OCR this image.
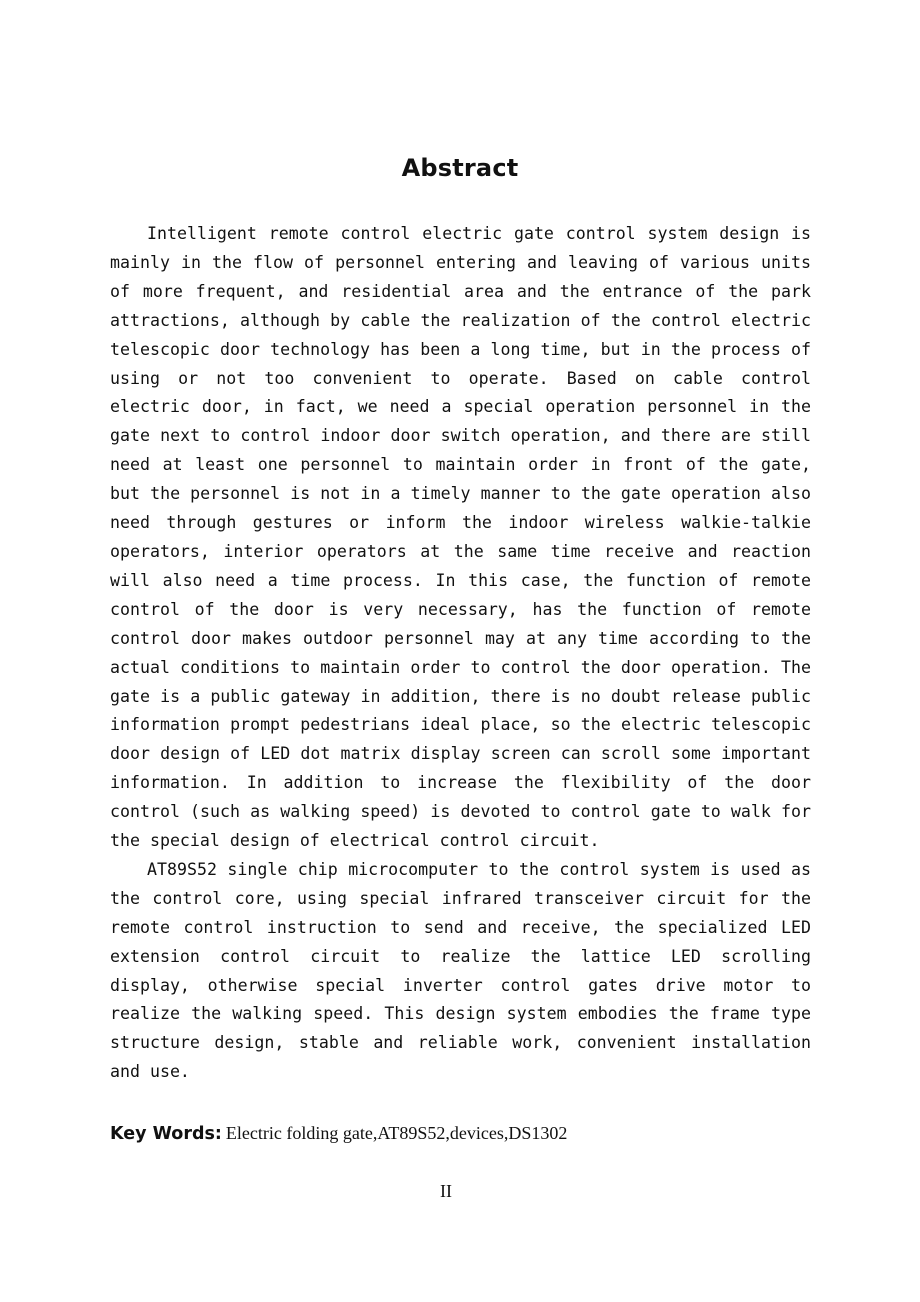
Abstract

Intelligent remote control electric gate control system design is mainly in the flow of personnel entering and leaving of various units of more frequent, and residential area and the entrance of the park attractions, although by cable the realization of the control electric telescopic door technology has been a long time, but in the process of using or not too convenient to operate. Based on cable control electric door, in fact, we need a special operation personnel in the gate next to control indoor door switch operation, and there are still need at least one personnel to maintain order in front of the gate, but the personnel is not in a timely manner to the gate operation also need through gestures or inform the indoor wireless walkie-talkie operators, interior operators at the same time receive and reaction will also need a time process. In this case, the function of remote control of the door is very necessary, has the function of remote control door makes outdoor personnel may at any time according to the actual conditions to maintain order to control the door operation. The gate is a public gateway in addition, there is no doubt release public information prompt pedestrians ideal place, so the electric telescopic door design of LED dot matrix display screen can scroll some important information. In addition to increase the flexibility of the door control (such as walking speed) is devoted to control gate to walk for the special design of electrical control circuit.

AT89S52 single chip microcomputer to the control system is used as the control core, using special infrared transceiver circuit for the remote control instruction to send and receive, the specialized LED extension control circuit to realize the lattice LED scrolling display, otherwise special inverter control gates drive motor to realize the walking speed. This design system embodies the frame type structure design, stable and reliable work, convenient installation and use.

Key Words: Electric folding gate,AT89S52,devices,DS1302
II
